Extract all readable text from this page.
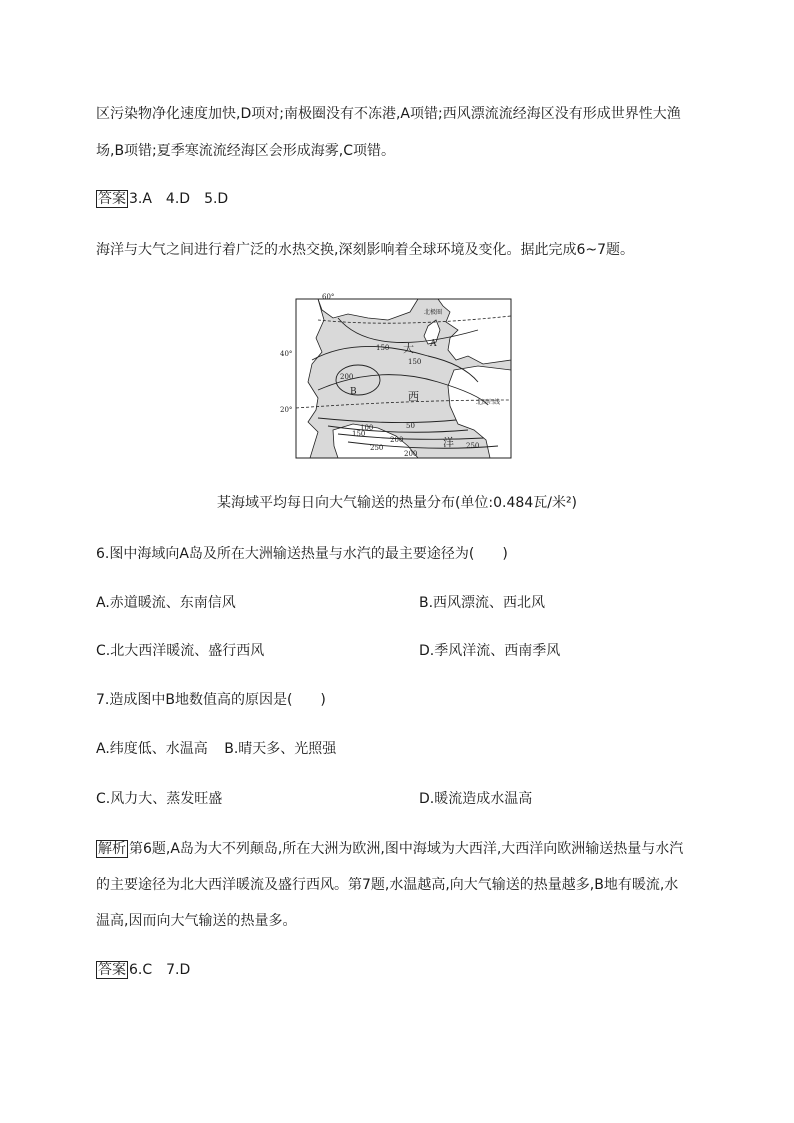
区污染物净化速度加快,D项对;南极圈没有不冻港,A项错;西风漂流流经海区没有形成世界性大渔
场,B项错;夏季寒流流经海区会形成海雾,C项错。
答案 3.A　4.D　5.D
海洋与大气之间进行着广泛的水热交换,深刻影响着全球环境及变化。据此完成6~7题。
60°
40°
20°
北极圈
北回归线
A
B
大
西
洋
150
150
200
100	50
150
200
250
200
250
某海域平均每日向大气输送的热量分布(单位:0.484瓦/米²)
6.图中海域向A岛及所在大洲输送热量与水汽的最主要途径为(　　)
A.赤道暖流、东南信风	B.西风漂流、西北风
C.北大西洋暖流、盛行西风	D.季风洋流、西南季风
7.造成图中B地数值高的原因是(　　)
A.纬度低、水温高 B.晴天多、光照强
C.风力大、蒸发旺盛	D.暖流造成水温高
解析 第6题,A岛为大不列颠岛,所在大洲为欧洲,图中海域为大西洋,大西洋向欧洲输送热量与水汽
的主要途径为北大西洋暖流及盛行西风。第7题,水温越高,向大气输送的热量越多,B地有暖流,水
温高,因而向大气输送的热量多。
答案 6.C　7.D
